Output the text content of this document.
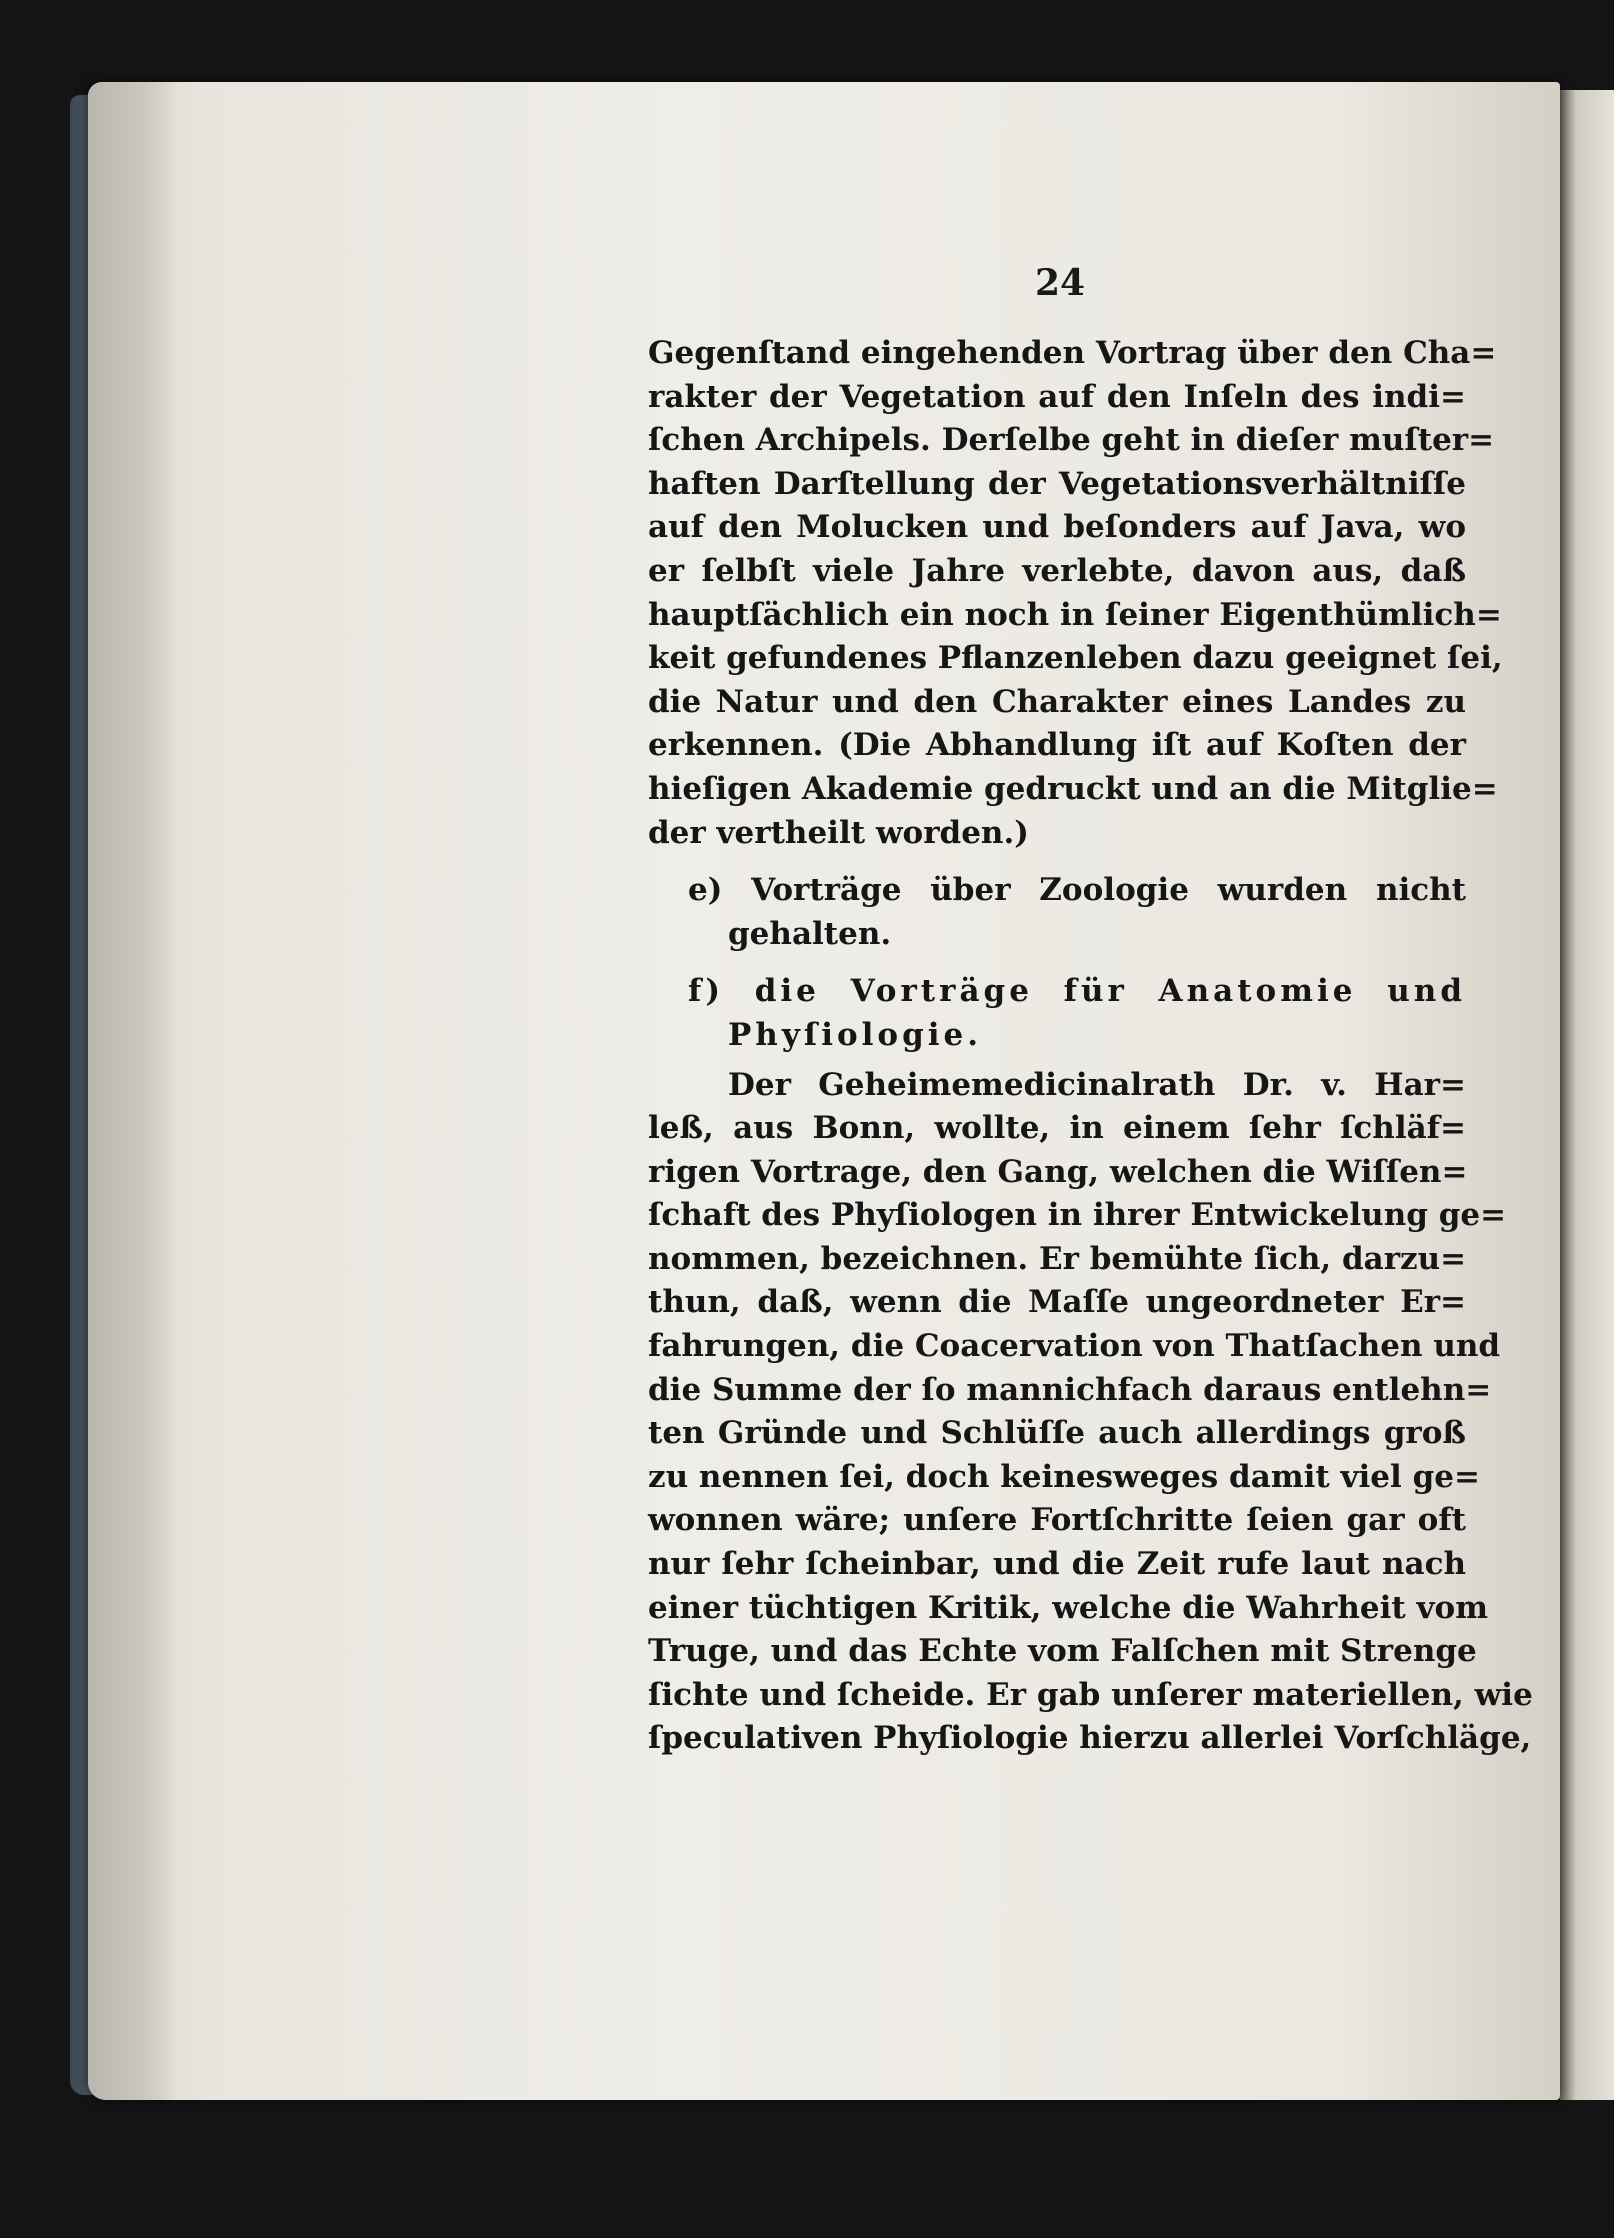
24
Gegenſtand eingehenden Vortrag über den Cha=
rakter der Vegetation auf den Inſeln des indi=
ſchen Archipels. Derſelbe geht in dieſer muſter=
haften Darſtellung der Vegetationsverhältniſſe
auf den Molucken und beſonders auf Java, wo
er ſelbſt viele Jahre verlebte, davon aus, daß
hauptſächlich ein noch in ſeiner Eigenthümlich=
keit gefundenes Pflanzenleben dazu geeignet ſei,
die Natur und den Charakter eines Landes zu
erkennen. (Die Abhandlung iſt auf Koſten der
hieſigen Akademie gedruckt und an die Mitglie=
der vertheilt worden.)
e) Vorträge über Zoologie wurden nicht
gehalten.
f) die Vorträge für Anatomie und
Phyſiologie.
Der Geheimemedicinalrath Dr. v. Har=
leß, aus Bonn, wollte, in einem ſehr ſchläf=
rigen Vortrage, den Gang, welchen die Wiſſen=
ſchaft des Phyſiologen in ihrer Entwickelung ge=
nommen, bezeichnen. Er bemühte ſich, darzu=
thun, daß, wenn die Maſſe ungeordneter Er=
fahrungen, die Coacervation von Thatſachen und
die Summe der ſo mannichfach daraus entlehn=
ten Gründe und Schlüſſe auch allerdings groß
zu nennen ſei, doch keinesweges damit viel ge=
wonnen wäre; unſere Fortſchritte ſeien gar oft
nur ſehr ſcheinbar, und die Zeit rufe laut nach
einer tüchtigen Kritik, welche die Wahrheit vom
Truge, und das Echte vom Falſchen mit Strenge
ſichte und ſcheide. Er gab unſerer materiellen, wie
ſpeculativen Phyſiologie hierzu allerlei Vorſchläge,
